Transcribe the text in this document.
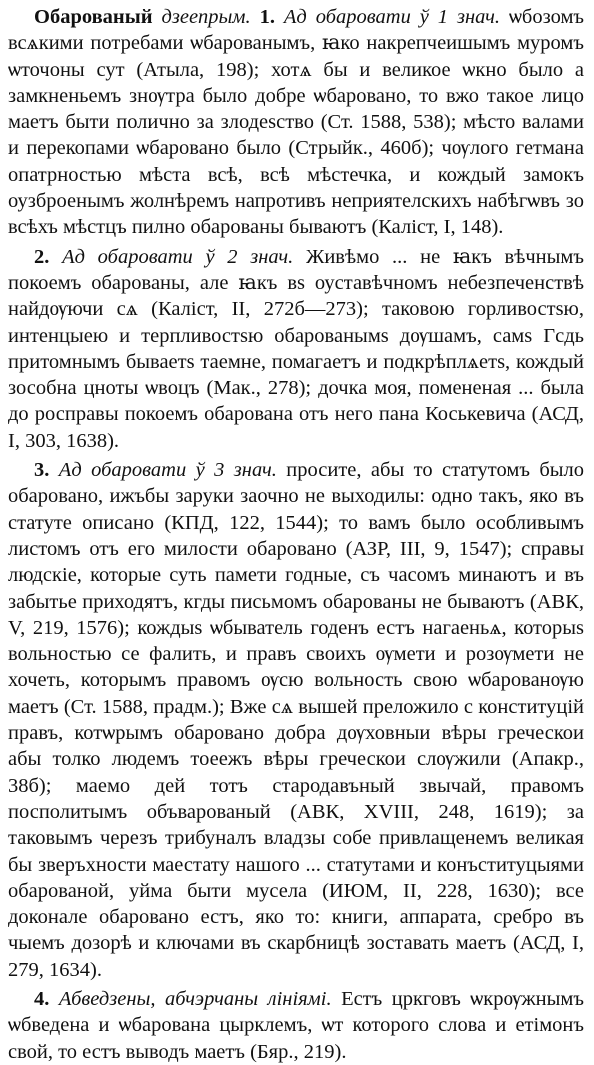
Обарованый дзеепрым. 1. Ад обаровати ў 1 знач. ѡбозомъ всѧкими потребами ѡбарованымъ, ꙗко накрепчеишымъ муромъ ѡточоны сут (Атыла, 198); хотѧ бы и великое ѡкно было а замкненьемъ знѹтра было добре ѡбаровано, то вжо такое лицо маетъ быти полично за злодеѕство (Ст. 1588, 538); мѣсто валами и перекопами ѡбаровано было (Стрыйк., 460б); чѹлого гетмана опатрностью мѣста всѣ, всѣ мѣстечка, и кождый замокъ оузброенымъ жолнѣремъ напротивъ неприятелскихъ набѣгѡвъ зо всѣхъ мѣстцъ пилно обарованы бываютъ (Каліст, І, 148).

2. Ад обаровати ў 2 знач. Живѣмо ... не ꙗкъ вѣчнымъ покоемъ обарованы, але ꙗкъ вѕ оуставѣчномъ небезпеченствѣ найдѹючи сѧ (Каліст, ІІ, 272б—273); таковою горливостѕю, интенцыею и терпливостѕю обарованымѕ дѹшамъ, самѕ Гсдь притомнымъ бываетѕ таемне, помагаетъ и подкрѣплѧетѕ, кождый зособна цноты ѡвоцъ (Мак., 278); дочка моя, помененая ... была до росправы покоемъ обарована отъ него пана Коськевича (АСД, І, 303, 1638).

3. Ад обаровати ў 3 знач. просите, абы то статутомъ было обаровано, ижъбы заруки заочно не выходилы: одно такъ, яко въ статуте описано (КПД, 122, 1544); то вамъ было особливымъ листомъ отъ его милости обаровано (АЗР, ІІІ, 9, 1547); справы людскіе, которые суть памети годные, съ часомъ минаютъ и въ забытье приходятъ, кгды письмомъ обарованы не бываютъ (АВК, V, 219, 1576); кождыѕ ѡбыватель годенъ естъ нагаеньѧ, которыѕ вольностью се фалить, и правъ своихъ ѹмети и розѹмети не хочеть, которымъ правомъ ѹсю вольность свою ѡбарованѹю маетъ (Ст. 1588, прадм.); Вже сѧ вышей преложило с конституцій правъ, котѡрымъ обаровано добра дѹховныи вѣры греческои абы толко людемъ тоеежъ вѣры греческои слѹжили (Апакр., 38б); маемо дей тотъ стародавъный звычай, правомъ посполитымъ объварованый (АВК, XVIII, 248, 1619); за таковымъ черезъ трибуналъ владзы собе привлащенемъ великая бы зверъхности маестату нашого ... статутами и конъституцыями обарованой, уйма быти мусела (ИЮМ, ІІ, 228, 1630); все доконале обаровано естъ, яко то: книги, аппарата, сребро въ чыемъ дозорѣ и ключами въ скарбницѣ зоставать маетъ (АСД, І, 279, 1634).

4. Абведзены, абчэрчаны лініямі. Естъ цркговъ ѡкрѹжнымъ ѡбведена и ѡбарована цырклемъ, ѡт которого слова и етімонъ свой, то естъ выводъ маетъ (Бяр., 219).
